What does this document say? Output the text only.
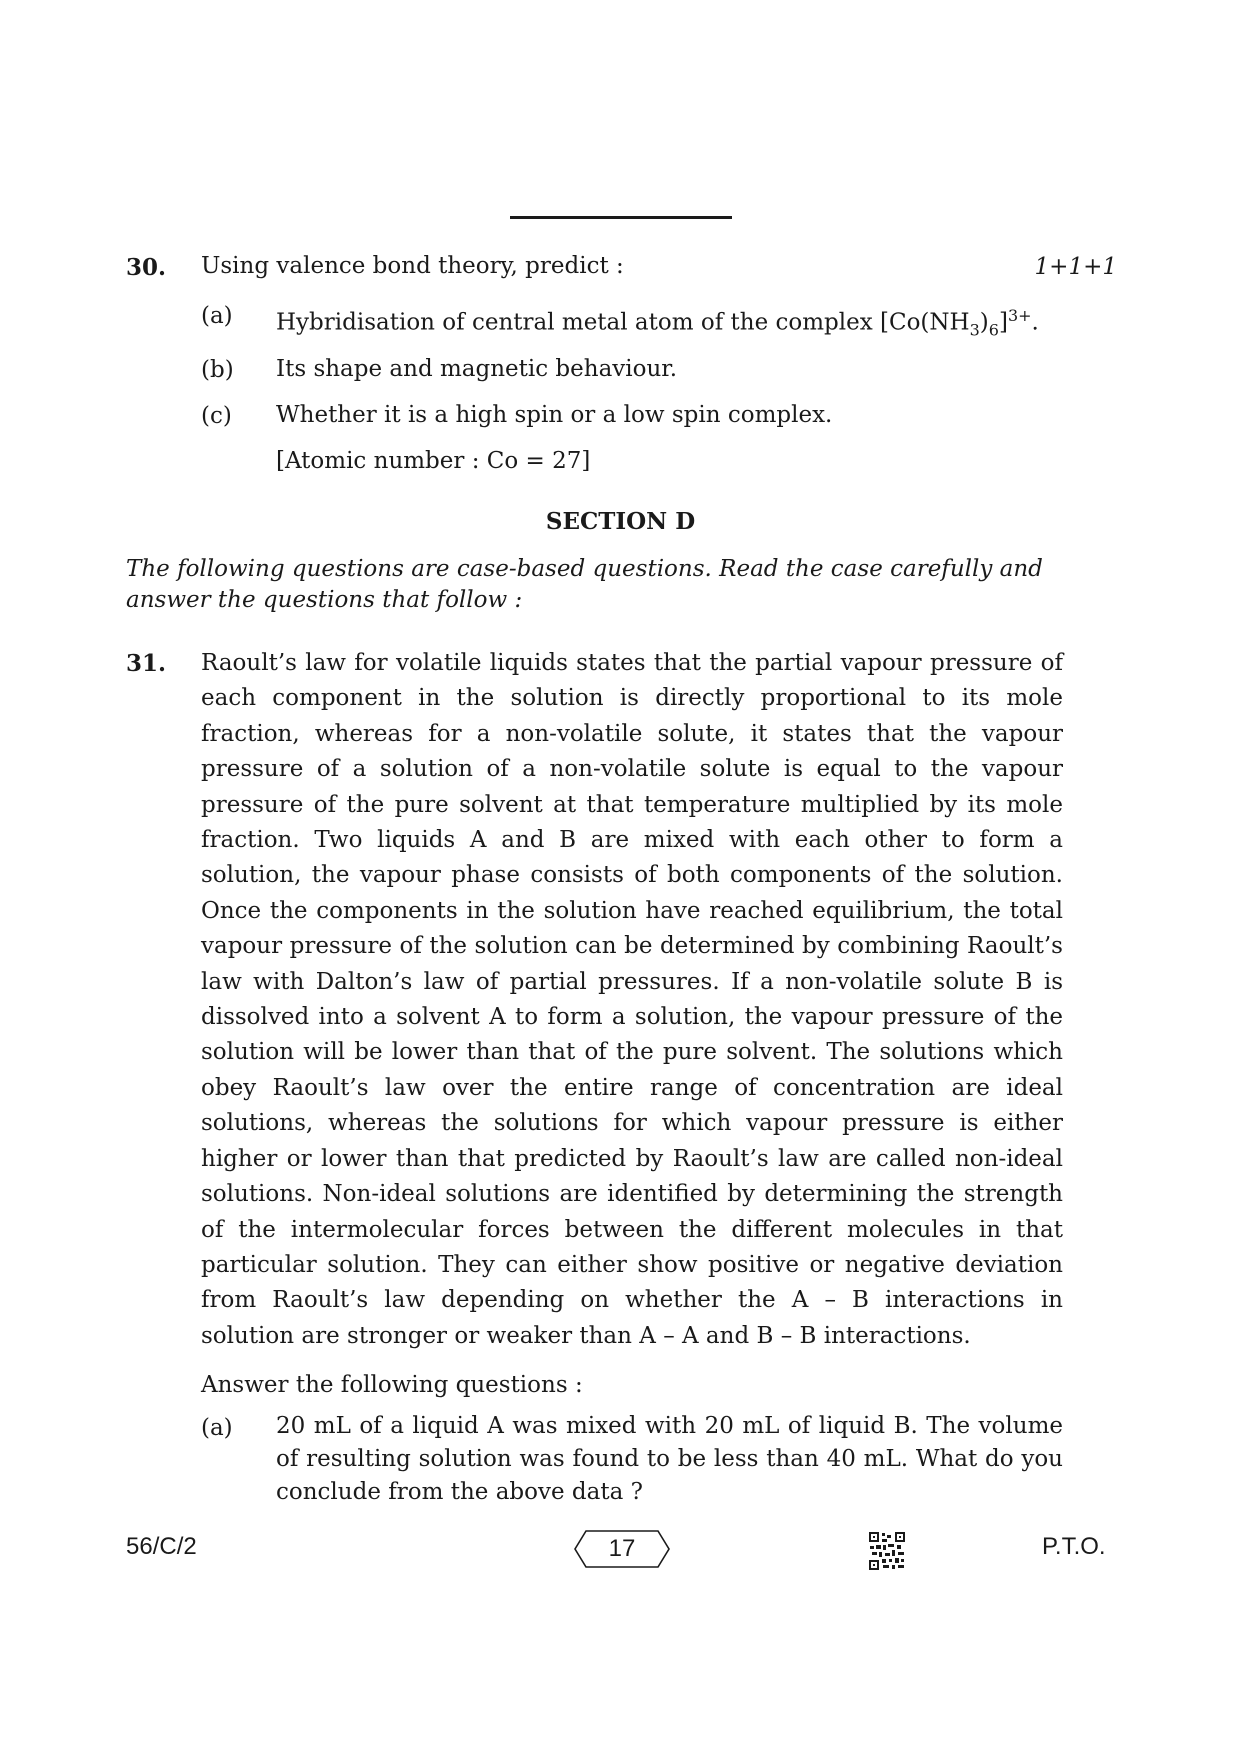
30. Using valence bond theory, predict :	1+1+1
(a) Hybridisation of central metal atom of the complex $[Co(NH_3)_6]^{3+}$.
(b) Its shape and magnetic behaviour.
(c) Whether it is a high spin or a low spin complex.
[Atomic number : Co = 27]
SECTION D
The following questions are case-based questions. Read the case carefully and answer the questions that follow :
31. Raoult’s law for volatile liquids states that the partial vapour pressure of each component in the solution is directly proportional to its mole fraction, whereas for a non-volatile solute, it states that the vapour pressure of a solution of a non-volatile solute is equal to the vapour pressure of the pure solvent at that temperature multiplied by its mole fraction. Two liquids A and B are mixed with each other to form a solution, the vapour phase consists of both components of the solution. Once the components in the solution have reached equilibrium, the total vapour pressure of the solution can be determined by combining Raoult’s law with Dalton’s law of partial pressures. If a non-volatile solute B is dissolved into a solvent A to form a solution, the vapour pressure of the solution will be lower than that of the pure solvent. The solutions which obey Raoult’s law over the entire range of concentration are ideal solutions, whereas the solutions for which vapour pressure is either higher or lower than that predicted by Raoult’s law are called non-ideal solutions. Non-ideal solutions are identified by determining the strength of the intermolecular forces between the different molecules in that particular solution. They can either show positive or negative deviation from Raoult’s law depending on whether the A – B interactions in solution are stronger or weaker than A – A and B – B interactions.
Answer the following questions :
(a) 20 mL of a liquid A was mixed with 20 mL of liquid B. The volume of resulting solution was found to be less than 40 mL. What do you conclude from the above data ?
56/C/2	17	P.T.O.
